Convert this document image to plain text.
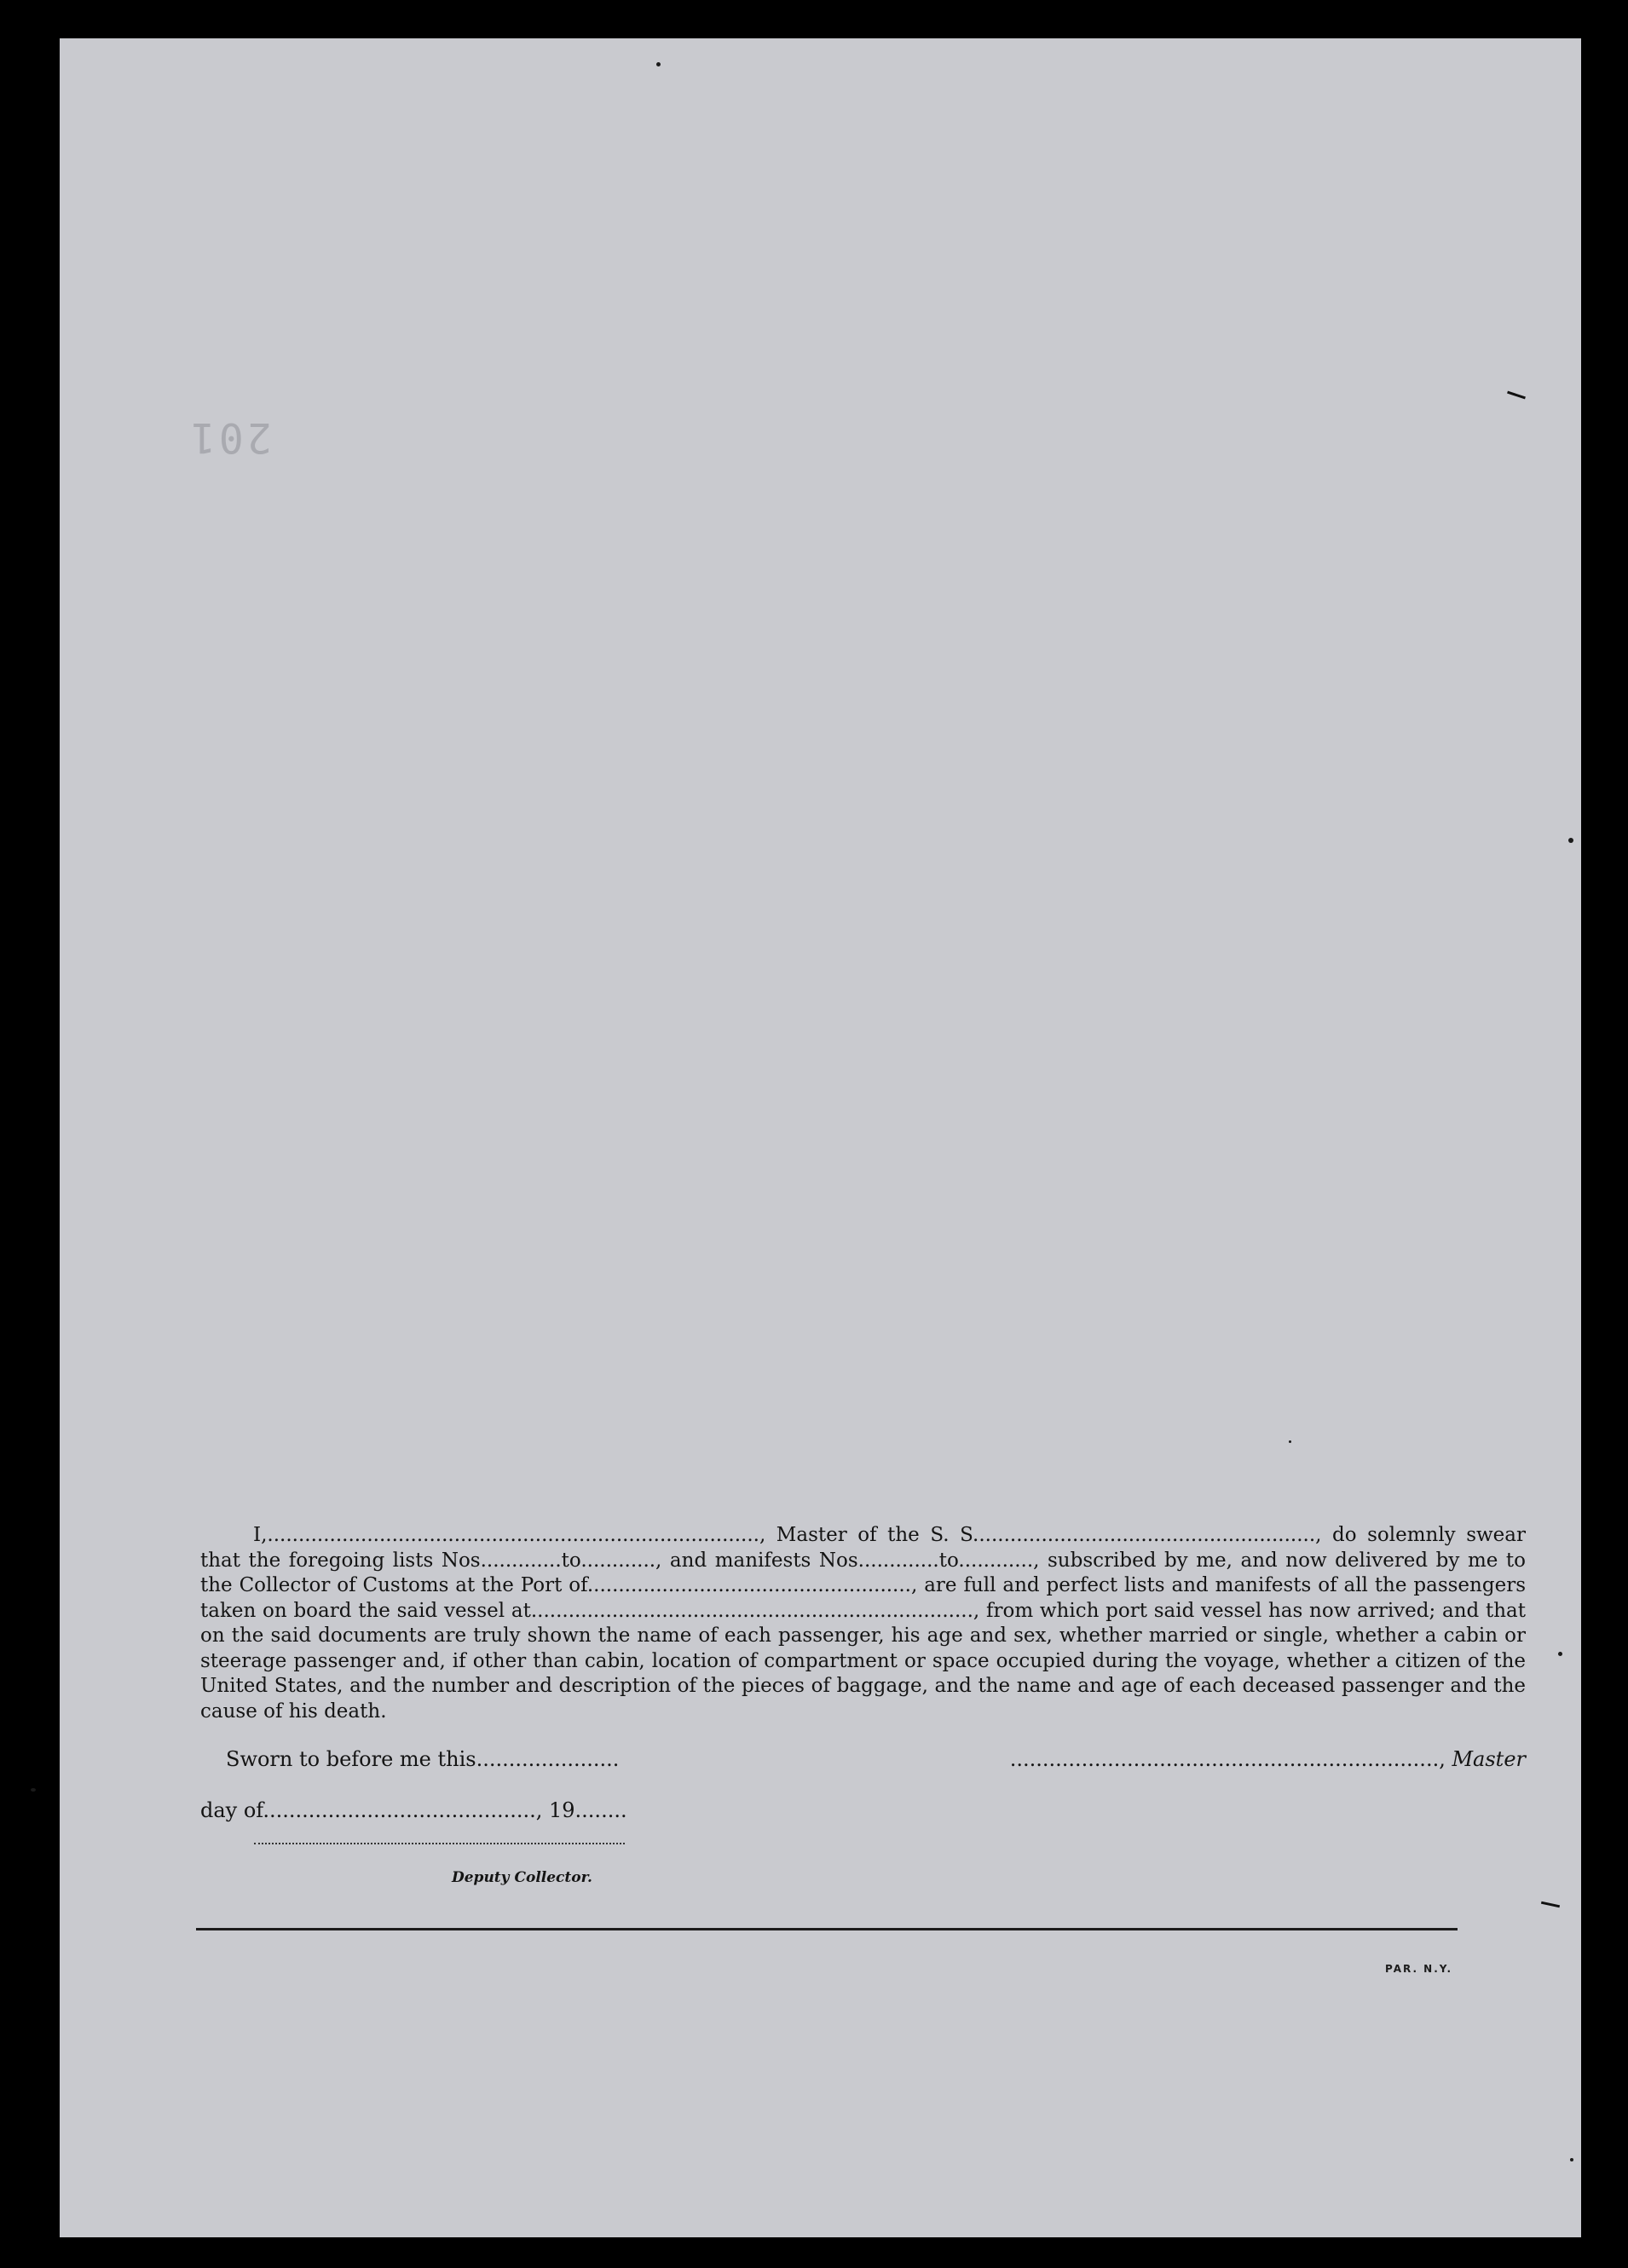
201

I,..............................................................................., Master of the S. S......................................................., do solemnly swear that the foregoing lists Nos.............to............, and manifests Nos.............to............, subscribed by me, and now delivered by me to the Collector of Customs at the Port of...................................................., are full and perfect lists and manifests of all the passengers taken on board the said vessel at......................................................................., from which port said vessel has now arrived; and that on the said documents are truly shown the name of each passenger, his age and sex, whether married or single, whether a cabin or steerage passenger and, if other than cabin, location of compartment or space occupied during the voyage, whether a citizen of the United States, and the number and description of the pieces of baggage, and the name and age of each deceased passenger and the cause of his death.

Sworn to before me this......................	.................................................................., Master
day of.........................................., 19........
Deputy Collector.
PAR. N.Y.
